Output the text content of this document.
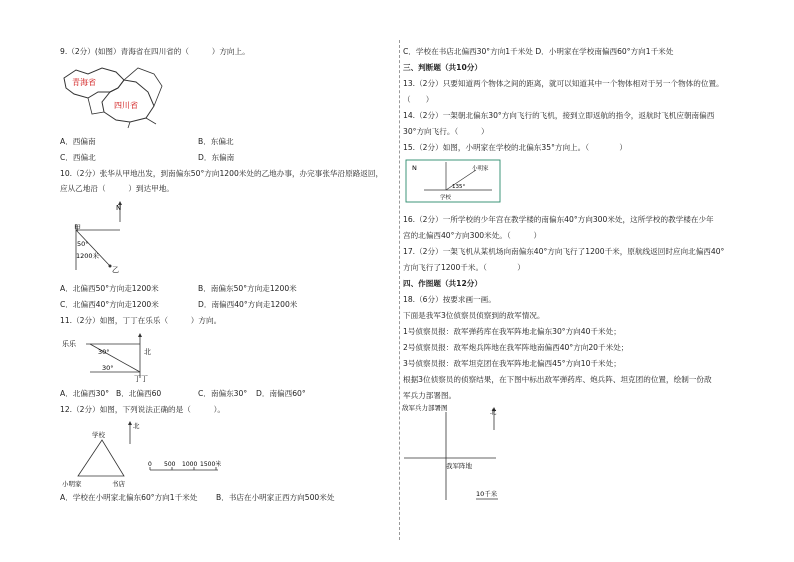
9.（2分）(如图）青海省在四川省的（　　　）方向上。
青海省
四川省
A．西偏南	B．东偏北
C．西偏北	D．东偏南
10.（2分）张华从甲地出发，到南偏东50°方向1200米处的乙地办事，办完事张华沿原路返回，
应从乙地沿（　　　）到达甲地。
N
甲
50°
1200米
乙
A．北偏西50°方向走1200米	B．南偏东50°方向走1200米
C．北偏西40°方向走1200米	D．南偏西40°方向走1200米
11.（2分）如图，丁丁在乐乐（　　　）方向。
乐乐
北
30°
30°
丁丁
A．北偏西30° B．北偏西60	C．南偏东30° D．南偏西60°
12.（2分）如图，下列说法正确的是（　　　）。
学校
北
小明家	书店
0 500 1000 1500米
A．学校在小明家北偏东60°方向1千米处 B．书店在小明家正西方向500米处
C．学校在书店北偏西30°方向1千米处 D．小明家在学校南偏西60°方向1千米处
三、判断题（共10分）
13.（2分）只要知道两个物体之间的距离，就可以知道其中一个物体相对于另一个物体的位置。
（　　）
14.（2分）一架朝北偏东30°方向飞行的飞机，接到立即返航的指令，返航时飞机应朝南偏西
30°方向飞行。（　　　）
15.（2分）如图，小明家在学校的北偏东35°方向上。（　　　　）
N	小明家
135°
学校
16.（2分）一所学校的少年宫在教学楼的南偏东40°方向300米处，这所学校的教学楼在少年
宫的北偏西40°方向300米处。（　　　）
17.（2分）一架飞机从某机场向南偏东40°方向飞行了1200千米，原航线返回时应向北偏西40°
方向飞行了1200千米。（　　　　）
四、作图题（共12分）
18.（6分）按要求画一画。
下面是我军3位侦察员侦察到的敌军情况。
1号侦察员报：敌军弹药库在我军阵地北偏东30°方向40千米处；
2号侦察员报：敌军炮兵阵地在我军阵地南偏西40°方向20千米处；
3号侦察员报：敌军坦克团在我军阵地北偏西45°方向10千米处；
根据3位侦察员的侦察结果，在下图中标出敌军弹药库、炮兵阵、坦克团的位置，绘制一份敌
军兵力部署图。
敌军兵力部署图	北
我军阵地
10千米
